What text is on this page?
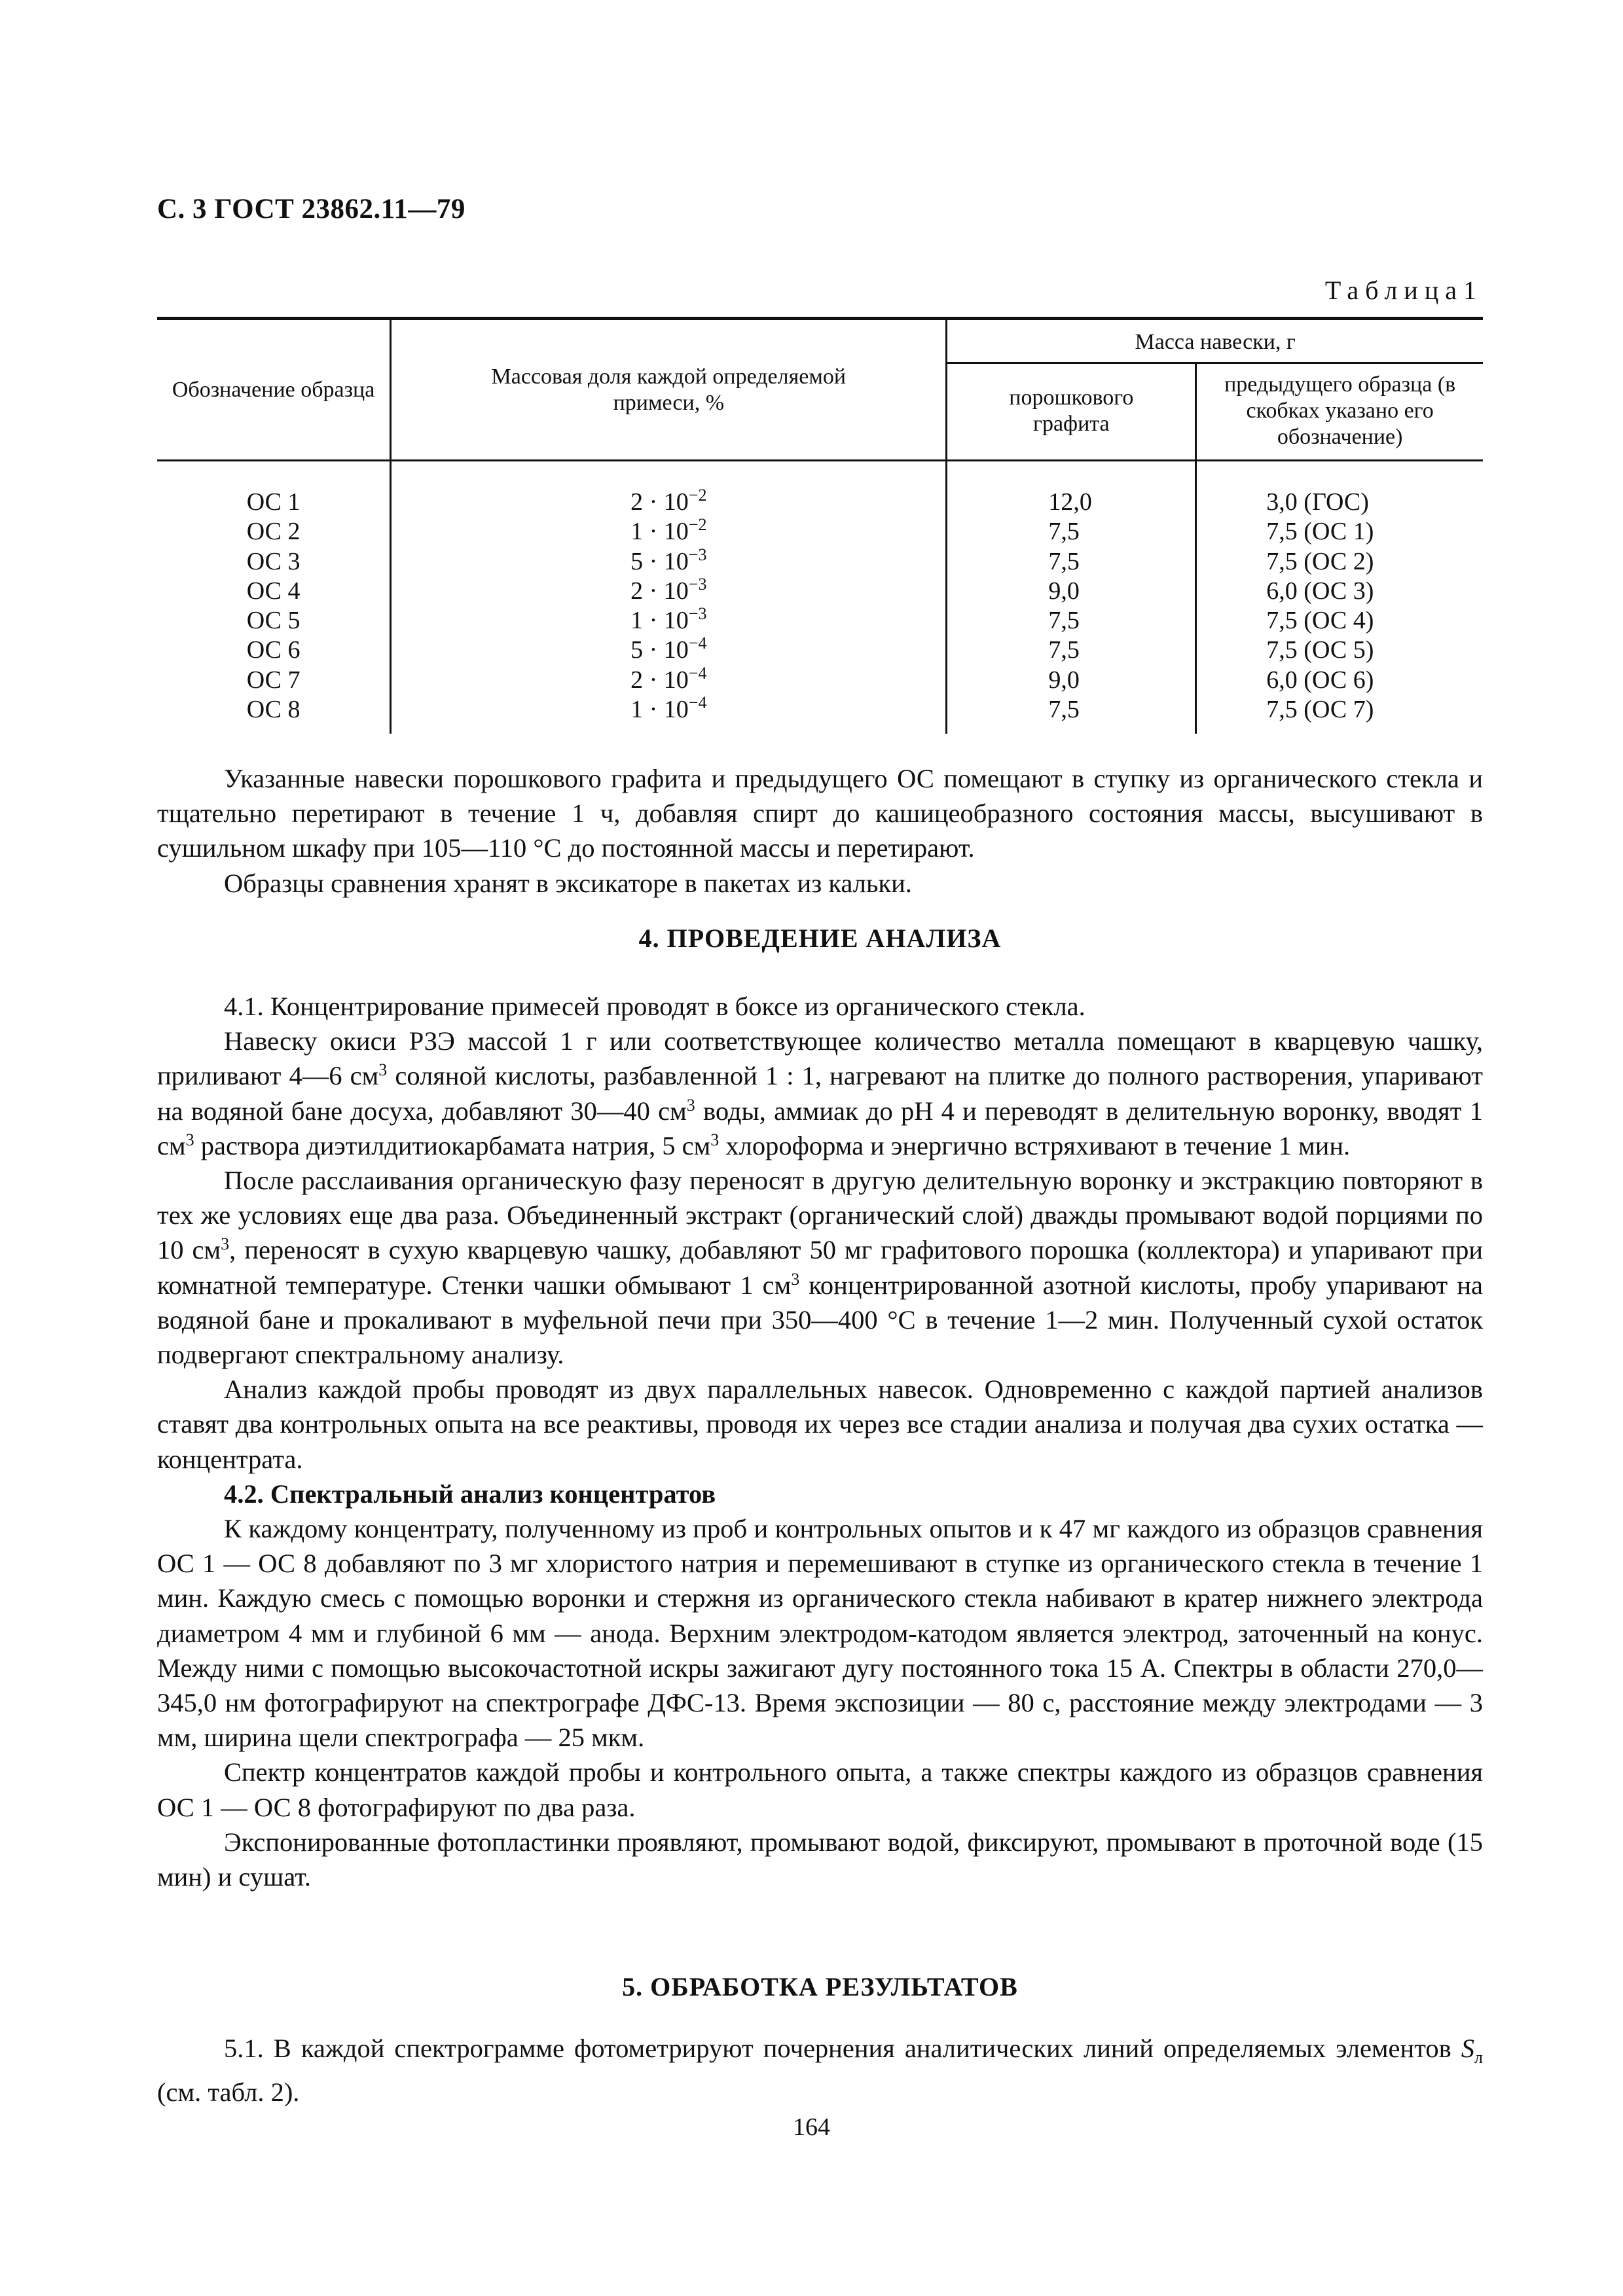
С. 3 ГОСТ 23862.11—79
Таблица1
Обозначение образца	Массовая доля каждой определяемой примеси, %	Масса навески, г	
		порошкового графита	предыдущего образца (в скобках указано его обозначение)
ОС 1	$2 \cdot 10^{-2}$	12,0	3,0 (ГОС)
ОС 2	$1 \cdot 10^{-2}$	7,5	7,5 (ОС 1)
ОС 3	$5 \cdot 10^{-3}$	7,5	7,5 (ОС 2)
ОС 4	$2 \cdot 10^{-3}$	9,0	6,0 (ОС 3)
ОС 5	$1 \cdot 10^{-3}$	7,5	7,5 (ОС 4)
ОС 6	$5 \cdot 10^{-4}$	7,5	7,5 (ОС 5)
ОС 7	$2 \cdot 10^{-4}$	9,0	6,0 (ОС 6)
ОС 8	$1 \cdot 10^{-4}$	7,5	7,5 (ОС 7)

Указанные навески порошкового графита и предыдущего ОС помещают в ступку из органического стекла и тщательно перетирают в течение 1 ч, добавляя спирт до кашицеобразного состояния массы, высушивают в сушильном шкафу при 105—110 °С до постоянной массы и перетирают.

Образцы сравнения хранят в эксикаторе в пакетах из кальки.

4. ПРОВЕДЕНИЕ АНАЛИЗА

4.1. Концентрирование примесей проводят в боксе из органического стекла.

Навеску окиси РЗЭ массой 1 г или соответствующее количество металла помещают в кварцевую чашку, приливают 4—6 $см^3$ соляной кислоты, разбавленной 1 : 1, нагревают на плитке до полного растворения, упаривают на водяной бане досуха, добавляют 30—40 $см^3$ воды, аммиак до рН 4 и переводят в делительную воронку, вводят 1 $см^3$ раствора диэтилдитиокарбамата натрия, 5 $см^3$ хлороформа и энергично встряхивают в течение 1 мин.

После расслаивания органическую фазу переносят в другую делительную воронку и экстракцию повторяют в тех же условиях еще два раза. Объединенный экстракт (органический слой) дважды промывают водой порциями по 10 $см^3$, переносят в сухую кварцевую чашку, добавляют 50 мг графитового порошка (коллектора) и упаривают при комнатной температуре. Стенки чашки обмывают 1 $см^3$ концентрированной азотной кислоты, пробу упаривают на водяной бане и прокаливают в муфельной печи при 350—400 °С в течение 1—2 мин. Полученный сухой остаток подвергают спектральному анализу.

Анализ каждой пробы проводят из двух параллельных навесок. Одновременно с каждой партией анализов ставят два контрольных опыта на все реактивы, проводя их через все стадии анализа и получая два сухих остатка — концентрата.

4.2. Спектральный анализ концентратов

К каждому концентрату, полученному из проб и контрольных опытов и к 47 мг каждого из образцов сравнения ОС 1 — ОС 8 добавляют по 3 мг хлористого натрия и перемешивают в ступке из органического стекла в течение 1 мин. Каждую смесь с помощью воронки и стержня из органического стекла набивают в кратер нижнего электрода диаметром 4 мм и глубиной 6 мм — анода. Верхним электродом-катодом является электрод, заточенный на конус. Между ними с помощью высокочастотной искры зажигают дугу постоянного тока 15 А. Спектры в области 270,0—345,0 нм фотографируют на спектрографе ДФС-13. Время экспозиции — 80 с, расстояние между электродами — 3 мм, ширина щели спектрографа — 25 мкм.

Спектр концентратов каждой пробы и контрольного опыта, а также спектры каждого из образцов сравнения ОС 1 — ОС 8 фотографируют по два раза.

Экспонированные фотопластинки проявляют, промывают водой, фиксируют, промывают в проточной воде (15 мин) и сушат.

5. ОБРАБОТКА РЕЗУЛЬТАТОВ

5.1. В каждой спектрограмме фотометрируют почернения аналитических линий определяемых элементов $S_л$ (см. табл. 2).

164
